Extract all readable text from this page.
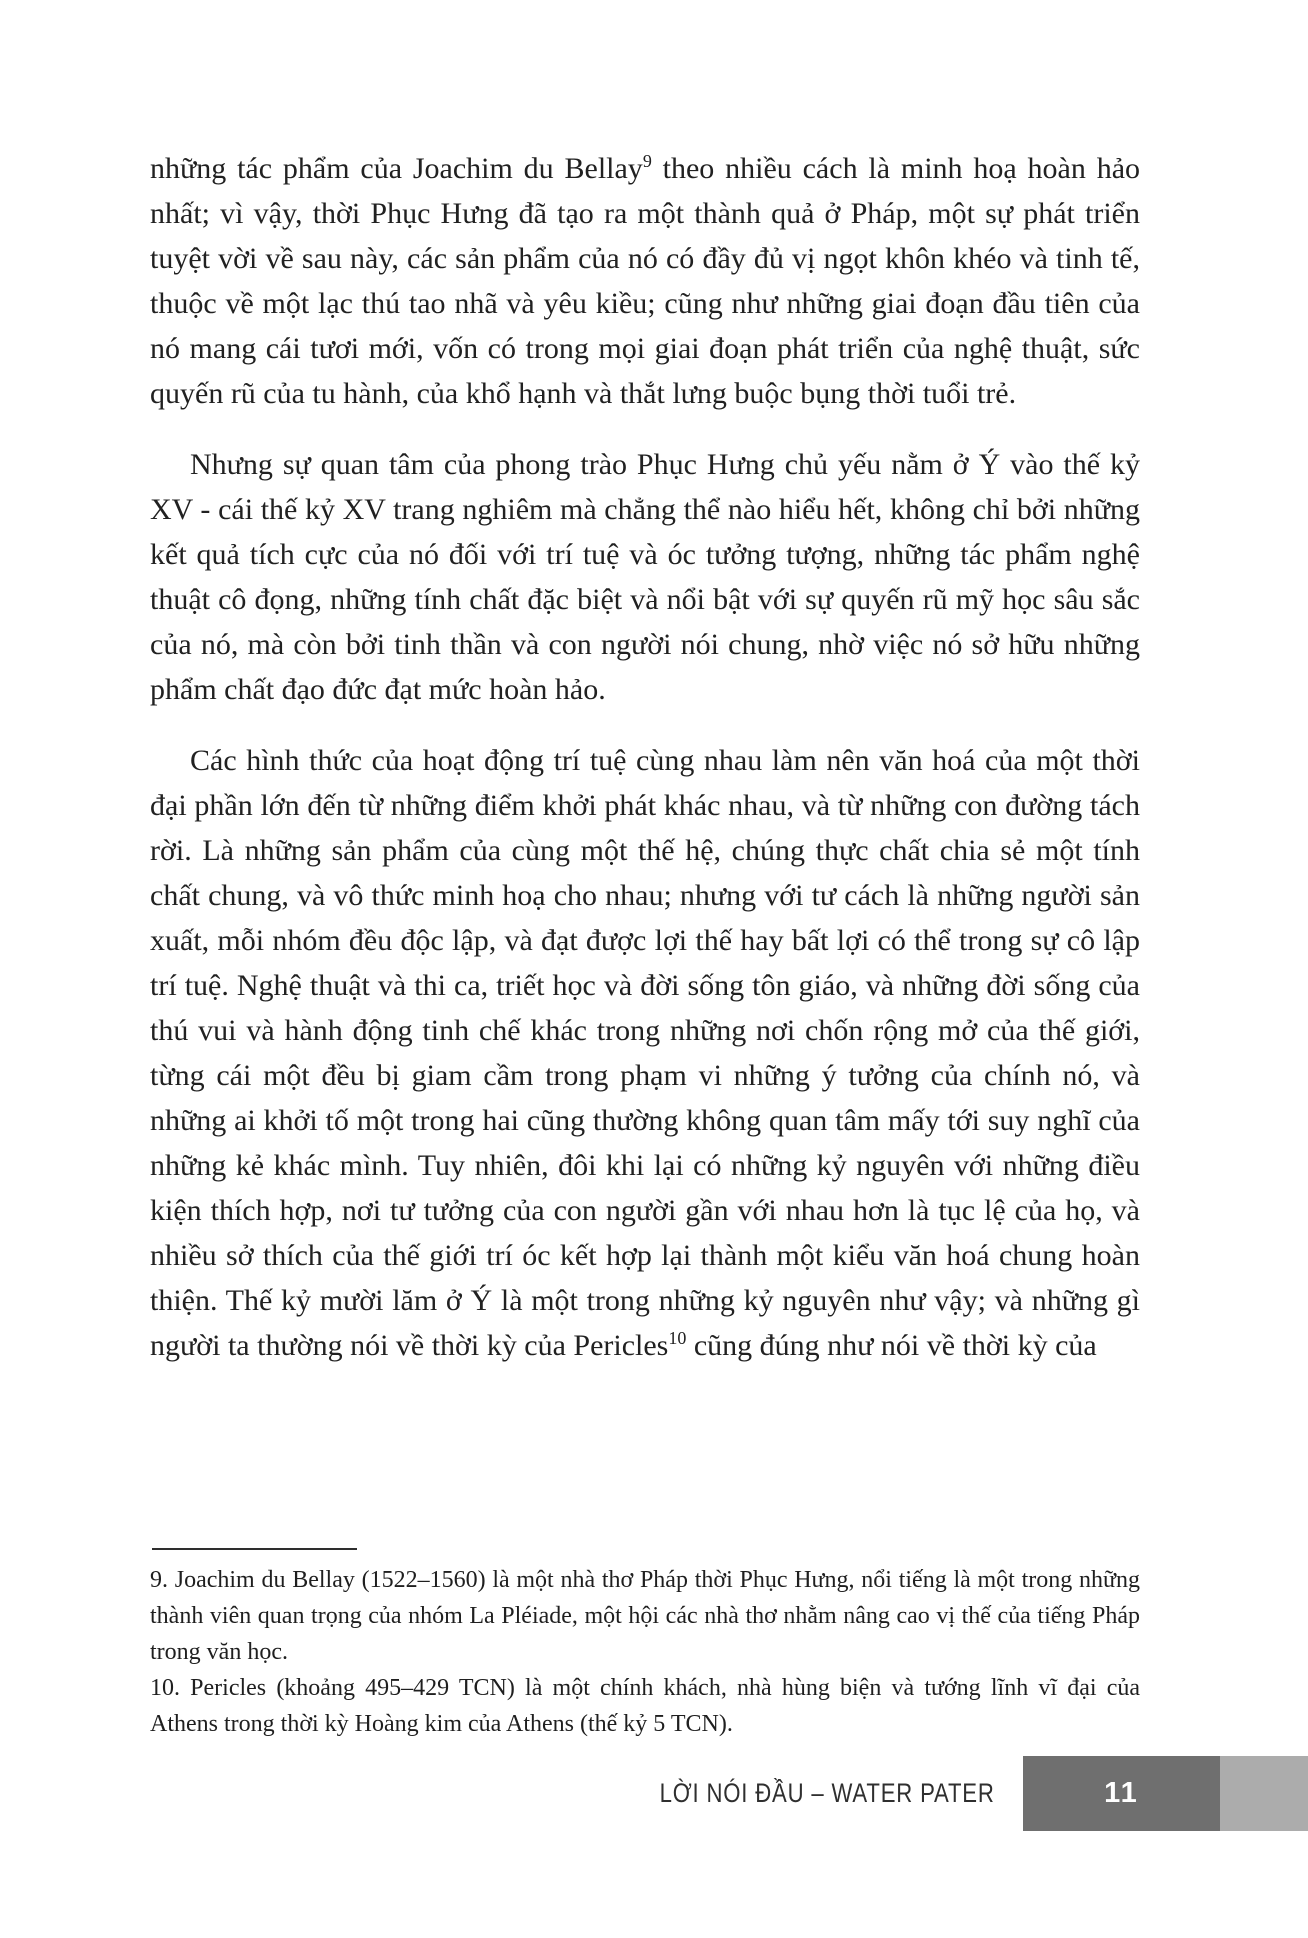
những tác phẩm của Joachim du Bellay$^9$ theo nhiều cách là minh hoạ hoàn hảo nhất; vì vậy, thời Phục Hưng đã tạo ra một thành quả ở Pháp, một sự phát triển tuyệt vời về sau này, các sản phẩm của nó có đầy đủ vị ngọt khôn khéo và tinh tế, thuộc về một lạc thú tao nhã và yêu kiều; cũng như những giai đoạn đầu tiên của nó mang cái tươi mới, vốn có trong mọi giai đoạn phát triển của nghệ thuật, sức quyến rũ của tu hành, của khổ hạnh và thắt lưng buộc bụng thời tuổi trẻ.

Nhưng sự quan tâm của phong trào Phục Hưng chủ yếu nằm ở Ý vào thế kỷ XV - cái thế kỷ XV trang nghiêm mà chẳng thể nào hiểu hết, không chỉ bởi những kết quả tích cực của nó đối với trí tuệ và óc tưởng tượng, những tác phẩm nghệ thuật cô đọng, những tính chất đặc biệt và nổi bật với sự quyến rũ mỹ học sâu sắc của nó, mà còn bởi tinh thần và con người nói chung, nhờ việc nó sở hữu những phẩm chất đạo đức đạt mức hoàn hảo.

Các hình thức của hoạt động trí tuệ cùng nhau làm nên văn hoá của một thời đại phần lớn đến từ những điểm khởi phát khác nhau, và từ những con đường tách rời. Là những sản phẩm của cùng một thế hệ, chúng thực chất chia sẻ một tính chất chung, và vô thức minh hoạ cho nhau; nhưng với tư cách là những người sản xuất, mỗi nhóm đều độc lập, và đạt được lợi thế hay bất lợi có thể trong sự cô lập trí tuệ. Nghệ thuật và thi ca, triết học và đời sống tôn giáo, và những đời sống của thú vui và hành động tinh chế khác trong những nơi chốn rộng mở của thế giới, từng cái một đều bị giam cầm trong phạm vi những ý tưởng của chính nó, và những ai khởi tố một trong hai cũng thường không quan tâm mấy tới suy nghĩ của những kẻ khác mình. Tuy nhiên, đôi khi lại có những kỷ nguyên với những điều kiện thích hợp, nơi tư tưởng của con người gần với nhau hơn là tục lệ của họ, và nhiều sở thích của thế giới trí óc kết hợp lại thành một kiểu văn hoá chung hoàn thiện. Thế kỷ mười lăm ở Ý là một trong những kỷ nguyên như vậy; và những gì người ta thường nói về thời kỳ của Pericles$^{10}$ cũng đúng như nói về thời kỳ của

9. Joachim du Bellay (1522–1560) là một nhà thơ Pháp thời Phục Hưng, nổi tiếng là một trong những thành viên quan trọng của nhóm La Pléiade, một hội các nhà thơ nhằm nâng cao vị thế của tiếng Pháp trong văn học.

10. Pericles (khoảng 495–429 TCN) là một chính khách, nhà hùng biện và tướng lĩnh vĩ đại của Athens trong thời kỳ Hoàng kim của Athens (thế kỷ 5 TCN).

LỜI NÓI ĐẦU – WATER PATER	11
